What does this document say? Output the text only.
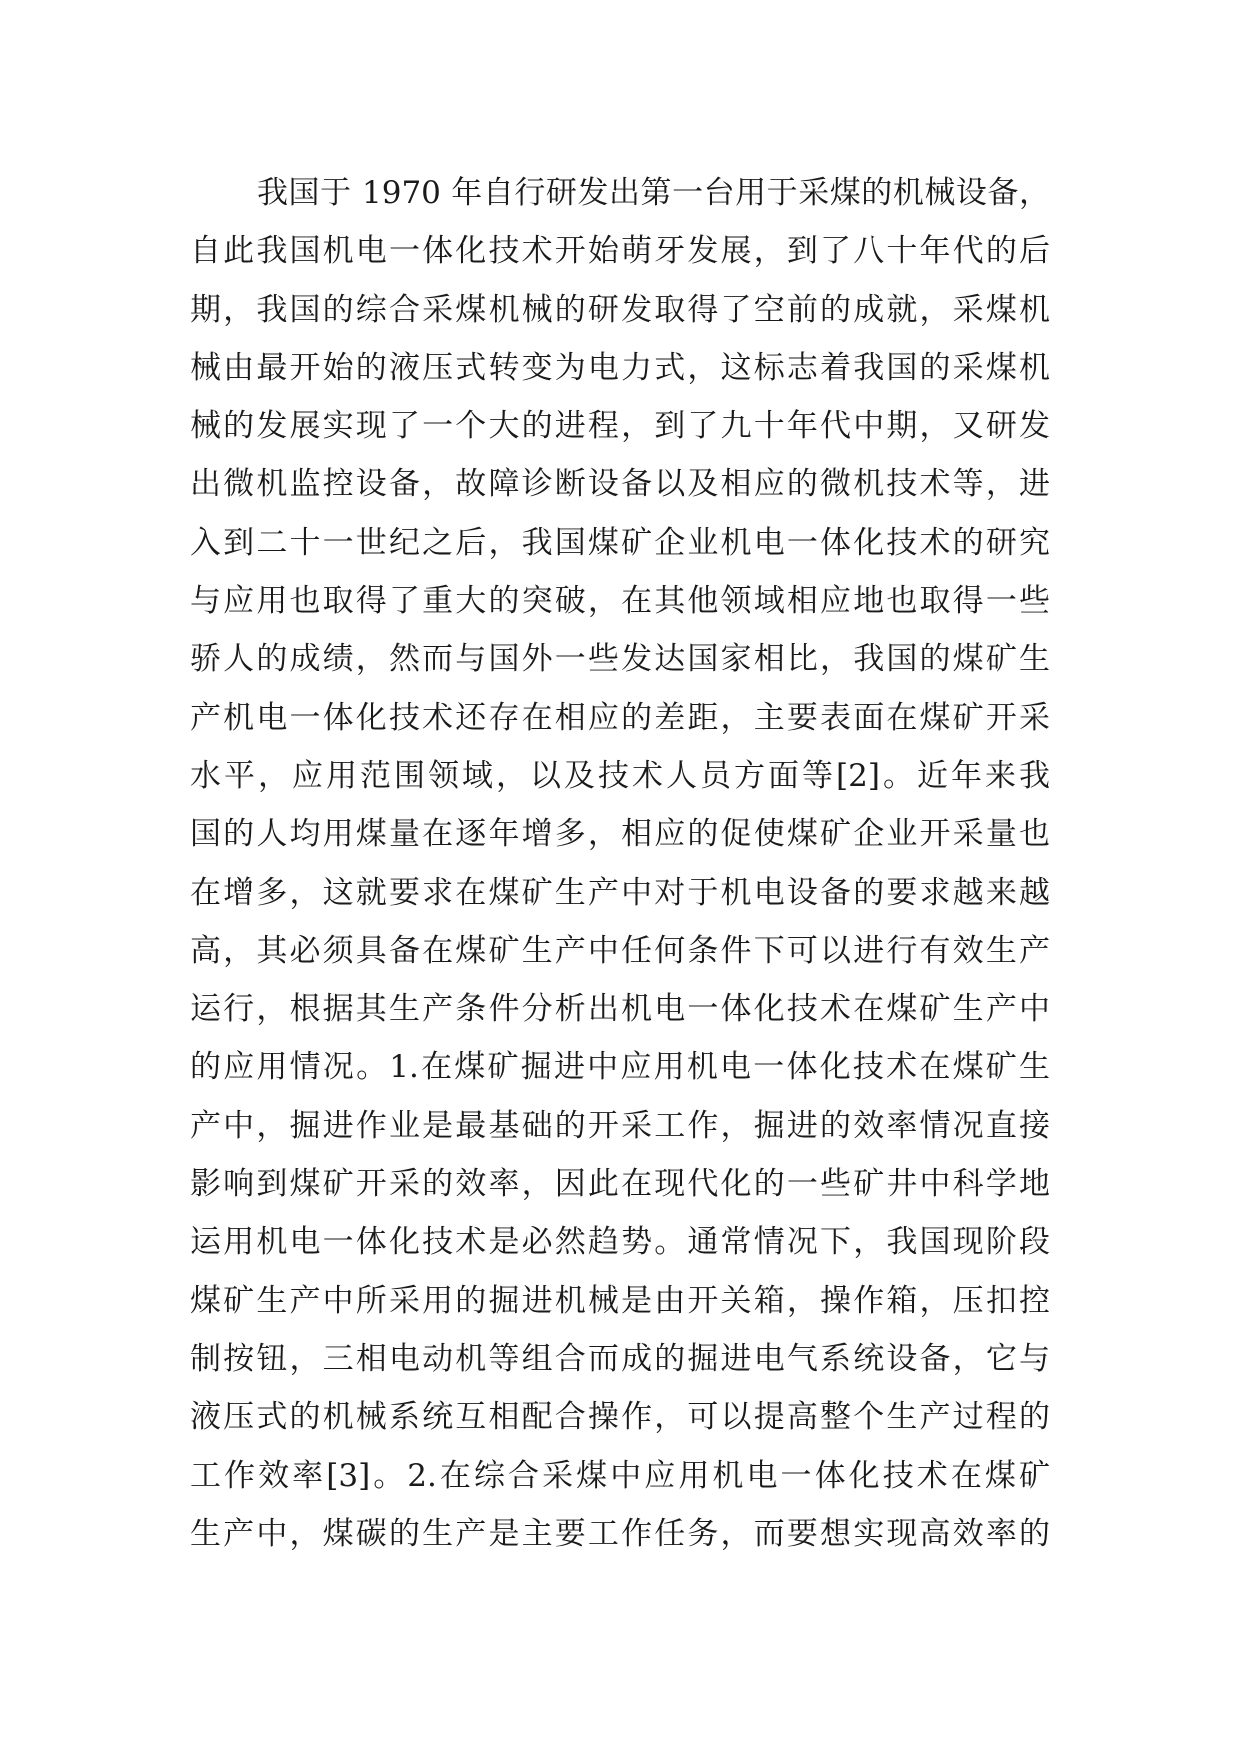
我国于 1970 年自行研发出第一台用于采煤的机械设备，
自此我国机电一体化技术开始萌牙发展，到了八十年代的后
期，我国的综合采煤机械的研发取得了空前的成就，采煤机
械由最开始的液压式转变为电力式，这标志着我国的采煤机
械的发展实现了一个大的进程，到了九十年代中期，又研发
出微机监控设备，故障诊断设备以及相应的微机技术等，进
入到二十一世纪之后，我国煤矿企业机电一体化技术的研究
与应用也取得了重大的突破，在其他领域相应地也取得一些
骄人的成绩，然而与国外一些发达国家相比，我国的煤矿生
产机电一体化技术还存在相应的差距，主要表面在煤矿开采
水平，应用范围领域，以及技术人员方面等[2]。近年来我
国的人均用煤量在逐年增多，相应的促使煤矿企业开采量也
在增多，这就要求在煤矿生产中对于机电设备的要求越来越
高，其必须具备在煤矿生产中任何条件下可以进行有效生产
运行，根据其生产条件分析出机电一体化技术在煤矿生产中
的应用情况。1.在煤矿掘进中应用机电一体化技术在煤矿生
产中，掘进作业是最基础的开采工作，掘进的效率情况直接
影响到煤矿开采的效率，因此在现代化的一些矿井中科学地
运用机电一体化技术是必然趋势。通常情况下，我国现阶段
煤矿生产中所采用的掘进机械是由开关箱，操作箱，压扣控
制按钮，三相电动机等组合而成的掘进电气系统设备，它与
液压式的机械系统互相配合操作，可以提高整个生产过程的
工作效率[3]。2.在综合采煤中应用机电一体化技术在煤矿
生产中，煤碳的生产是主要工作任务，而要想实现高效率的
